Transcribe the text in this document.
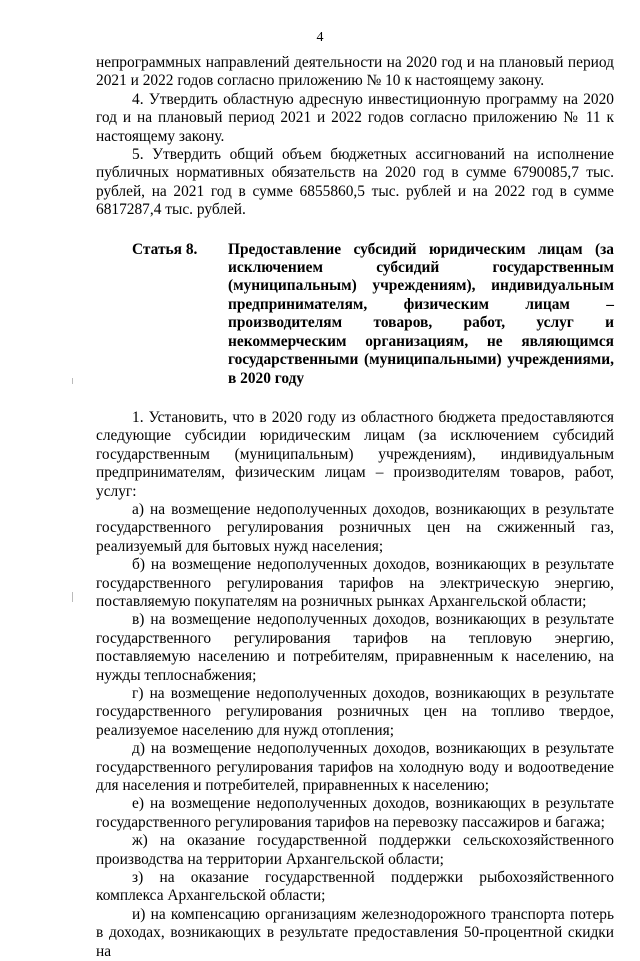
4

непрограммных направлений деятельности на 2020 год и на плановый период 2021 и 2022 годов согласно приложению № 10 к настоящему закону.

4. Утвердить областную адресную инвестиционную программу на 2020 год и на плановый период 2021 и 2022 годов согласно приложению № 11 к настоящему закону.

5. Утвердить общий объем бюджетных ассигнований на исполнение публичных нормативных обязательств на 2020 год в сумме 6790085,7 тыс. рублей, на 2021 год в сумме 6855860,5 тыс. рублей и на 2022 год в сумме 6817287,4 тыс. рублей.

Статья 8.	Предоставление субсидий юридическим лицам (за исключением субсидий государственным (муниципальным) учреждениям), индивидуальным предпринимателям, физическим лицам – производителям товаров, работ, услуг и некоммерческим организациям, не являющимся государственными (муниципальными) учреждениями, в 2020 году

1. Установить, что в 2020 году из областного бюджета предоставляются следующие субсидии юридическим лицам (за исключением субсидий государственным (муниципальным) учреждениям), индивидуальным предпринимателям, физическим лицам – производителям товаров, работ, услуг:

а) на возмещение недополученных доходов, возникающих в результате государственного регулирования розничных цен на сжиженный газ, реализуемый для бытовых нужд населения;

б) на возмещение недополученных доходов, возникающих в результате государственного регулирования тарифов на электрическую энергию, поставляемую покупателям на розничных рынках Архангельской области;

в) на возмещение недополученных доходов, возникающих в результате государственного регулирования тарифов на тепловую энергию, поставляемую населению и потребителям, приравненным к населению, на нужды теплоснабжения;

г) на возмещение недополученных доходов, возникающих в результате государственного регулирования розничных цен на топливо твердое, реализуемое населению для нужд отопления;

д) на возмещение недополученных доходов, возникающих в результате государственного регулирования тарифов на холодную воду и водоотведение для населения и потребителей, приравненных к населению;

е) на возмещение недополученных доходов, возникающих в результате государственного регулирования тарифов на перевозку пассажиров и багажа;

ж) на оказание государственной поддержки сельскохозяйственного производства на территории Архангельской области;

з) на оказание государственной поддержки рыбохозяйственного комплекса Архангельской области;

и) на компенсацию организациям железнодорожного транспорта потерь в доходах, возникающих в результате предоставления 50-процентной скидки на
